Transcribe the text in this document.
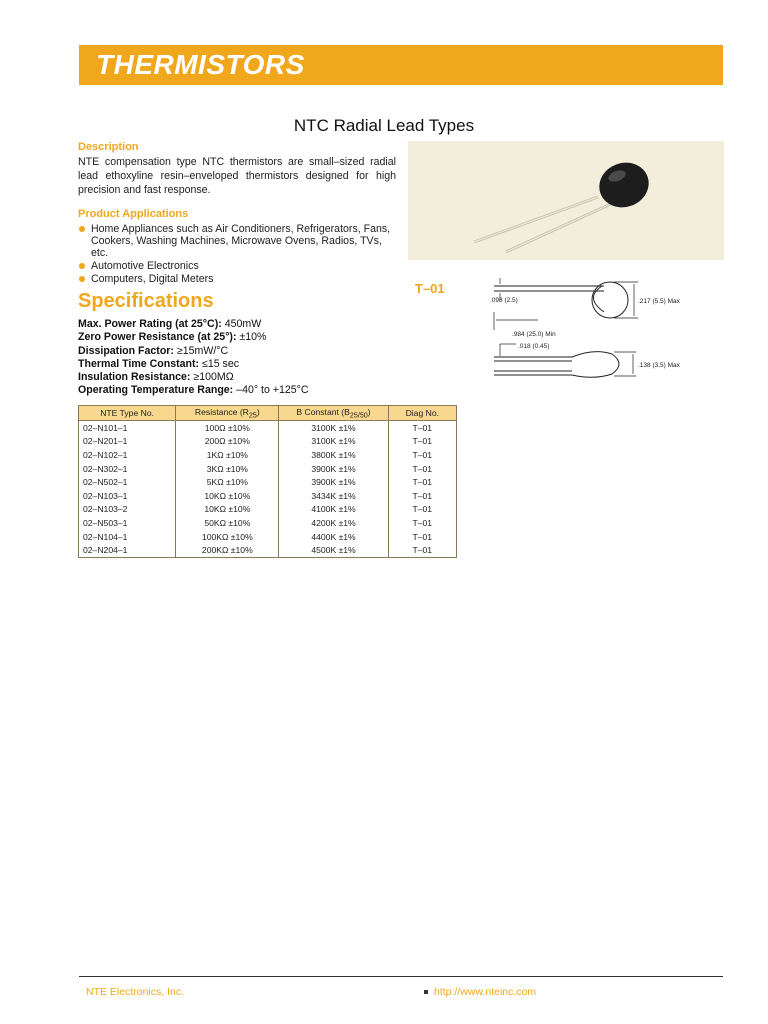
THERMISTORS
NTC Radial Lead Types
Description
NTE compensation type NTC thermistors are small–sized radial lead ethoxyline resin–enveloped thermistors designed for high precision and fast response.
Product Applications
Home Appliances such as Air Conditioners, Refrigerators, Fans, Cookers, Washing Machines, Microwave Ovens, Radios, TVs, etc.
Automotive Electronics
Computers, Digital Meters
Specifications
Max. Power Rating (at 25°C): 450mW
Zero Power Resistance (at 25°): ±10%
Dissipation Factor: ≥15mW/°C
Thermal Time Constant: ≤15 sec
Insulation Resistance: ≥100MΩ
Operating Temperature Range: –40° to +125°C
T–01
.098 (2.5)	.217 (5.5) Max
.984 (25.0) Min
.018 (0.45)
.138 (3.5) Max
NTE Type No.	Resistance $(R_{25})$	B Constant $(B_{25/50})$	Diag No.
02–N101–1	100Ω ±10%	3100K ±1%	T–01
02–N201–1	200Ω ±10%	3100K ±1%	T–01
02–N102–1	1KΩ ±10%	3800K ±1%	T–01
02–N302–1	3KΩ ±10%	3900K ±1%	T–01
02–N502–1	5KΩ ±10%	3900K ±1%	T–01
02–N103–1	10KΩ ±10%	3434K ±1%	T–01
02–N103–2	10KΩ ±10%	4100K ±1%	T–01
02–N503–1	50KΩ ±10%	4200K ±1%	T–01
02–N104–1	100KΩ ±10%	4400K ±1%	T–01
02–N204–1	200KΩ ±10%	4500K ±1%	T–01
NTE Electronics, Inc.	http://www.nteinc.com
